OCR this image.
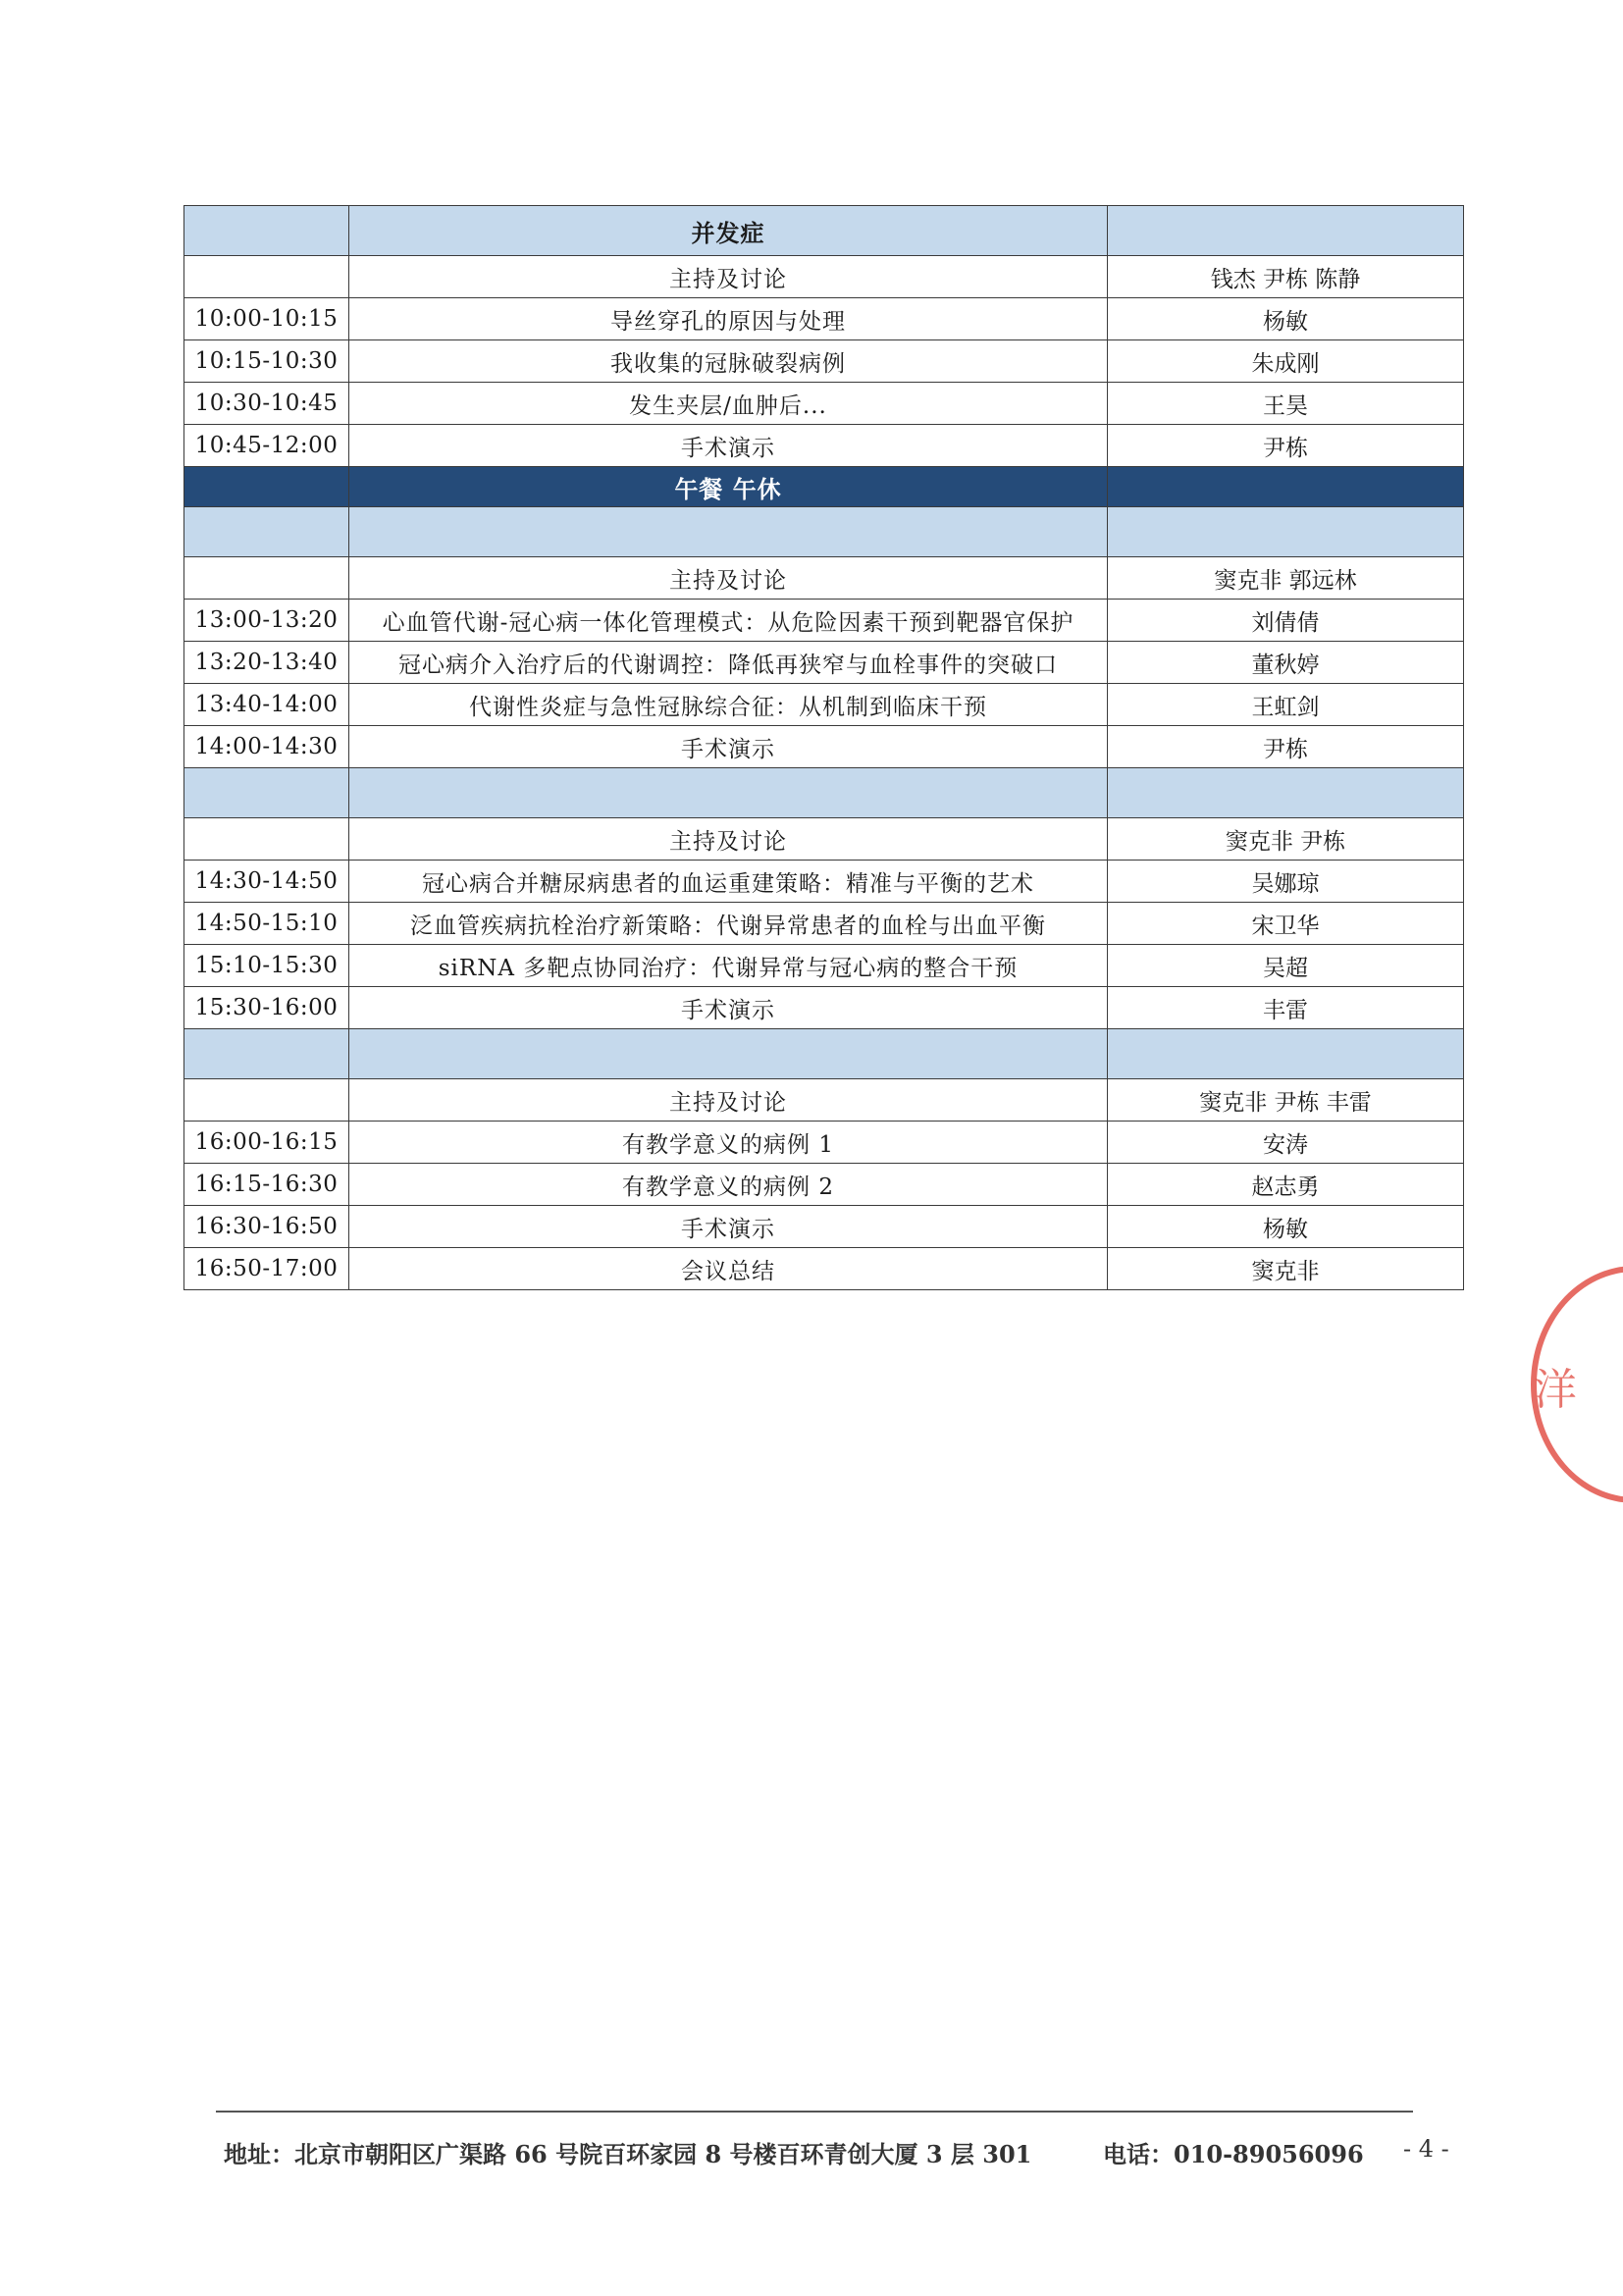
	并发症	
	主持及讨论	钱杰 尹栋 陈静
10:00-10:15	导丝穿孔的原因与处理	杨敏
10:15-10:30	我收集的冠脉破裂病例	朱成刚
10:30-10:45	发生夹层/血肿后...	王昊
10:45-12:00	手术演示	尹栋
	午餐 午休	

	主持及讨论	窦克非 郭远林
13:00-13:20	心血管代谢-冠心病一体化管理模式：从危险因素干预到靶器官保护	刘倩倩
13:20-13:40	冠心病介入治疗后的代谢调控：降低再狭窄与血栓事件的突破口	董秋婷
13:40-14:00	代谢性炎症与急性冠脉综合征：从机制到临床干预	王虹剑
14:00-14:30	手术演示	尹栋

	主持及讨论	窦克非 尹栋
14:30-14:50	冠心病合并糖尿病患者的血运重建策略：精准与平衡的艺术	吴娜琼
14:50-15:10	泛血管疾病抗栓治疗新策略：代谢异常患者的血栓与出血平衡	宋卫华
15:10-15:30	siRNA 多靶点协同治疗：代谢异常与冠心病的整合干预	吴超
15:30-16:00	手术演示	丰雷

	主持及讨论	窦克非 尹栋 丰雷
16:00-16:15	有教学意义的病例 1	安涛
16:15-16:30	有教学意义的病例 2	赵志勇
16:30-16:50	手术演示	杨敏
16:50-17:00	会议总结	窦克非
洋
地址：北京市朝阳区广渠路 66 号院百环家园 8 号楼百环青创大厦 3 层 301	电话：010-89056096 - 4 -
